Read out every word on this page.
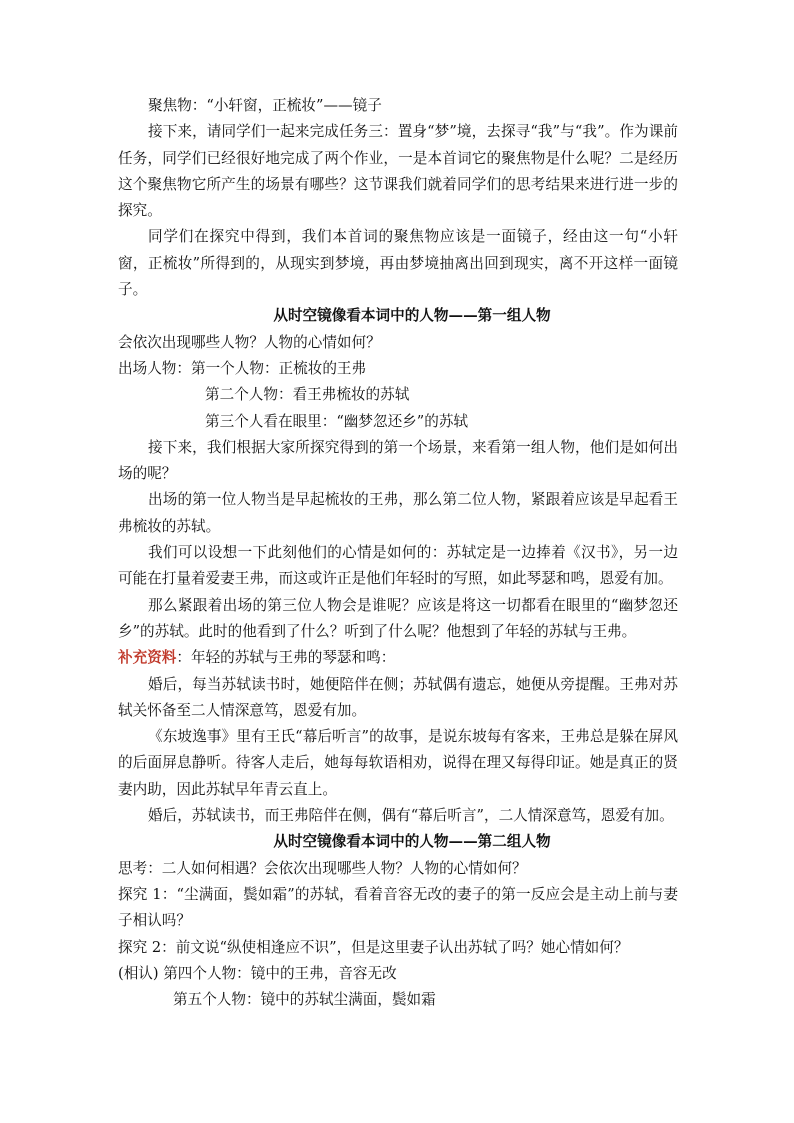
聚焦物：“小轩窗，正梳妆”——镜子

接下来，请同学们一起来完成任务三：置身“梦”境，去探寻“我”与“我”。作为课前任务，同学们已经很好地完成了两个作业，一是本首词它的聚焦物是什么呢？二是经历这个聚焦物它所产生的场景有哪些？这节课我们就着同学们的思考结果来进行进一步的探究。

同学们在探究中得到，我们本首词的聚焦物应该是一面镜子，经由这一句“小轩窗，正梳妆”所得到的，从现实到梦境，再由梦境抽离出回到现实，离不开这样一面镜子。

从时空镜像看本词中的人物——第一组人物

会依次出现哪些人物？人物的心情如何？

出场人物：第一个人物：正梳妆的王弗

第二个人物：看王弗梳妆的苏轼

第三个人看在眼里：“幽梦忽还乡”的苏轼

接下来，我们根据大家所探究得到的第一个场景，来看第一组人物，他们是如何出场的呢？

出场的第一位人物当是早起梳妆的王弗，那么第二位人物，紧跟着应该是早起看王弗梳妆的苏轼。

我们可以设想一下此刻他们的心情是如何的：苏轼定是一边捧着《汉书》，另一边可能在打量着爱妻王弗，而这或许正是他们年轻时的写照，如此琴瑟和鸣，恩爱有加。

那么紧跟着出场的第三位人物会是谁呢？应该是将这一切都看在眼里的“幽梦忽还乡”的苏轼。此时的他看到了什么？听到了什么呢？他想到了年轻的苏轼与王弗。

补充资料：年轻的苏轼与王弗的琴瑟和鸣：

婚后，每当苏轼读书时，她便陪伴在侧；苏轼偶有遗忘，她便从旁提醒。王弗对苏轼关怀备至二人情深意笃，恩爱有加。

《东坡逸事》里有王氏“幕后听言”的故事，是说东坡每有客来，王弗总是躲在屏风的后面屏息静听。待客人走后，她每每软语相劝，说得在理又每得印证。她是真正的贤妻内助，因此苏轼早年青云直上。

婚后，苏轼读书，而王弗陪伴在侧，偶有“幕后听言”，二人情深意笃，恩爱有加。

从时空镜像看本词中的人物——第二组人物

思考：二人如何相遇？会依次出现哪些人物？人物的心情如何？

探究 1：“尘满面，鬓如霜”的苏轼，看着音容无改的妻子的第一反应会是主动上前与妻子相认吗？

探究 2：前文说“纵使相逢应不识”，但是这里妻子认出苏轼了吗？她心情如何？

(相认) 第四个人物：镜中的王弗，音容无改

第五个人物：镜中的苏轼尘满面，鬓如霜
